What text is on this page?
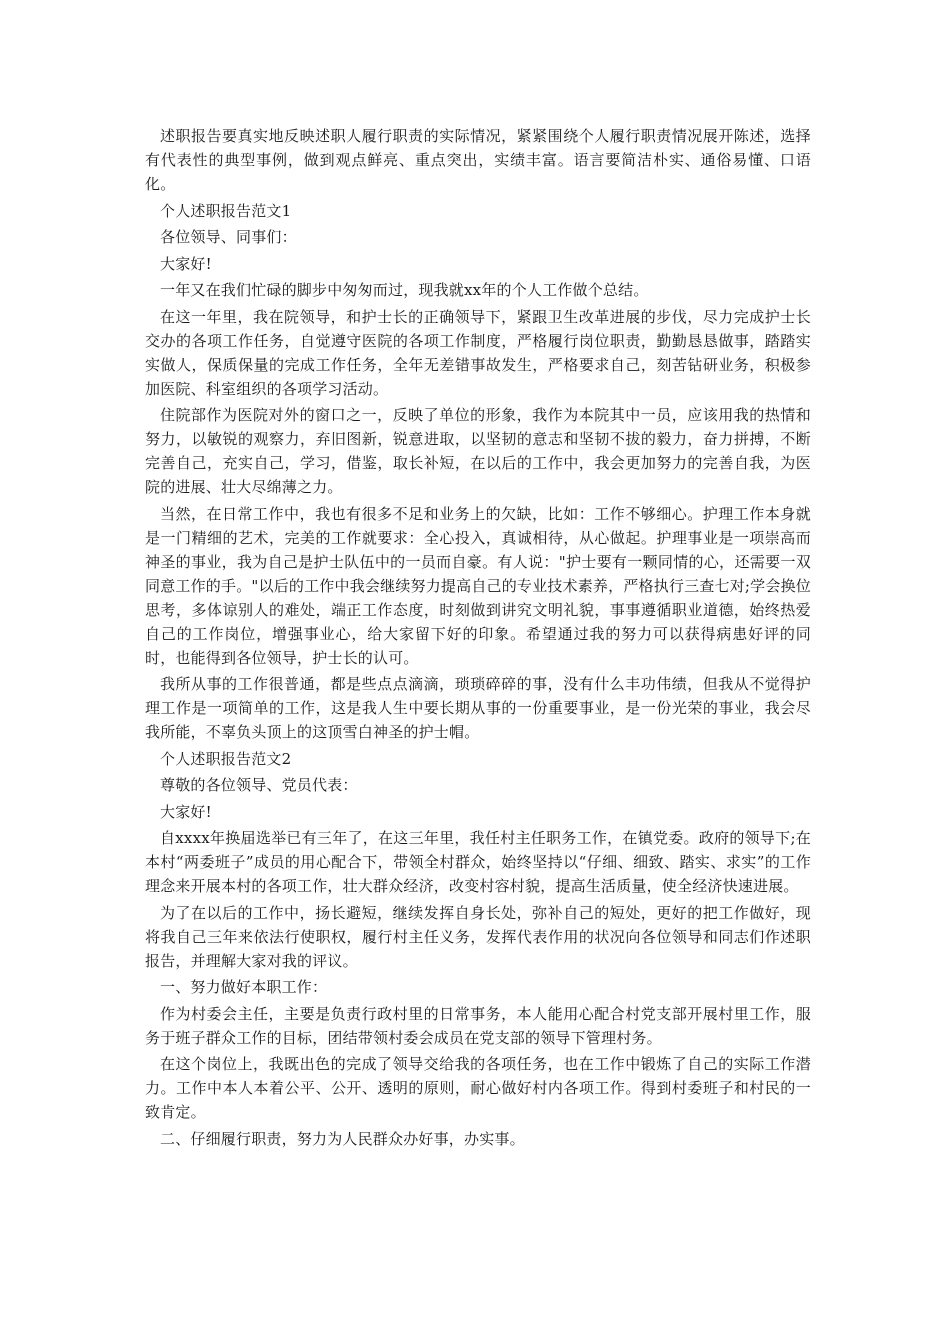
述职报告要真实地反映述职人履行职责的实际情况，紧紧围绕个人履行职责情况展开陈述，选择有代表性的典型事例，做到观点鲜亮、重点突出，实绩丰富。语言要简洁朴实、通俗易懂、口语化。

个人述职报告范文1

各位领导、同事们：

大家好!

一年又在我们忙碌的脚步中匆匆而过，现我就xx年的个人工作做个总结。

在这一年里，我在院领导，和护士长的正确领导下，紧跟卫生改革进展的步伐，尽力完成护士长交办的各项工作任务，自觉遵守医院的各项工作制度，严格履行岗位职责，勤勤恳恳做事，踏踏实实做人，保质保量的完成工作任务，全年无差错事故发生，严格要求自己，刻苦钻研业务，积极参加医院、科室组织的各项学习活动。

住院部作为医院对外的窗口之一，反映了单位的形象，我作为本院其中一员，应该用我的热情和努力，以敏锐的观察力，弃旧图新，锐意进取，以坚韧的意志和坚韧不拔的毅力，奋力拼搏，不断完善自己，充实自己，学习，借鉴，取长补短，在以后的工作中，我会更加努力的完善自我，为医院的进展、壮大尽绵薄之力。

当然，在日常工作中，我也有很多不足和业务上的欠缺，比如：工作不够细心。护理工作本身就是一门精细的艺术，完美的工作就要求：全心投入，真诚相待，从心做起。护理事业是一项崇高而神圣的事业，我为自己是护士队伍中的一员而自豪。有人说："护士要有一颗同情的心，还需要一双同意工作的手。"以后的工作中我会继续努力提高自己的专业技术素养，严格执行三查七对;学会换位思考，多体谅别人的难处，端正工作态度，时刻做到讲究文明礼貌，事事遵循职业道德，始终热爱自己的工作岗位，增强事业心，给大家留下好的印象。希望通过我的努力可以获得病患好评的同时，也能得到各位领导，护士长的认可。

我所从事的工作很普通，都是些点点滴滴，琐琐碎碎的事，没有什么丰功伟绩，但我从不觉得护理工作是一项简单的工作，这是我人生中要长期从事的一份重要事业，是一份光荣的事业，我会尽我所能，不辜负头顶上的这顶雪白神圣的护士帽。

个人述职报告范文2

尊敬的各位领导、党员代表：

大家好!

自xxxx年换届选举已有三年了，在这三年里，我任村主任职务工作，在镇党委。政府的领导下;在本村“两委班子”成员的用心配合下，带领全村群众，始终坚持以“仔细、细致、踏实、求实”的工作理念来开展本村的各项工作，壮大群众经济，改变村容村貌，提高生活质量，使全经济快速进展。

为了在以后的工作中，扬长避短，继续发挥自身长处，弥补自己的短处，更好的把工作做好，现将我自己三年来依法行使职权，履行村主任义务，发挥代表作用的状况向各位领导和同志们作述职报告，并理解大家对我的评议。

一、努力做好本职工作：

作为村委会主任，主要是负责行政村里的日常事务，本人能用心配合村党支部开展村里工作，服务于班子群众工作的目标，团结带领村委会成员在党支部的领导下管理村务。

在这个岗位上，我既出色的完成了领导交给我的各项任务，也在工作中锻炼了自己的实际工作潜力。工作中本人本着公平、公开、透明的原则，耐心做好村内各项工作。得到村委班子和村民的一致肯定。

二、仔细履行职责，努力为人民群众办好事，办实事。
